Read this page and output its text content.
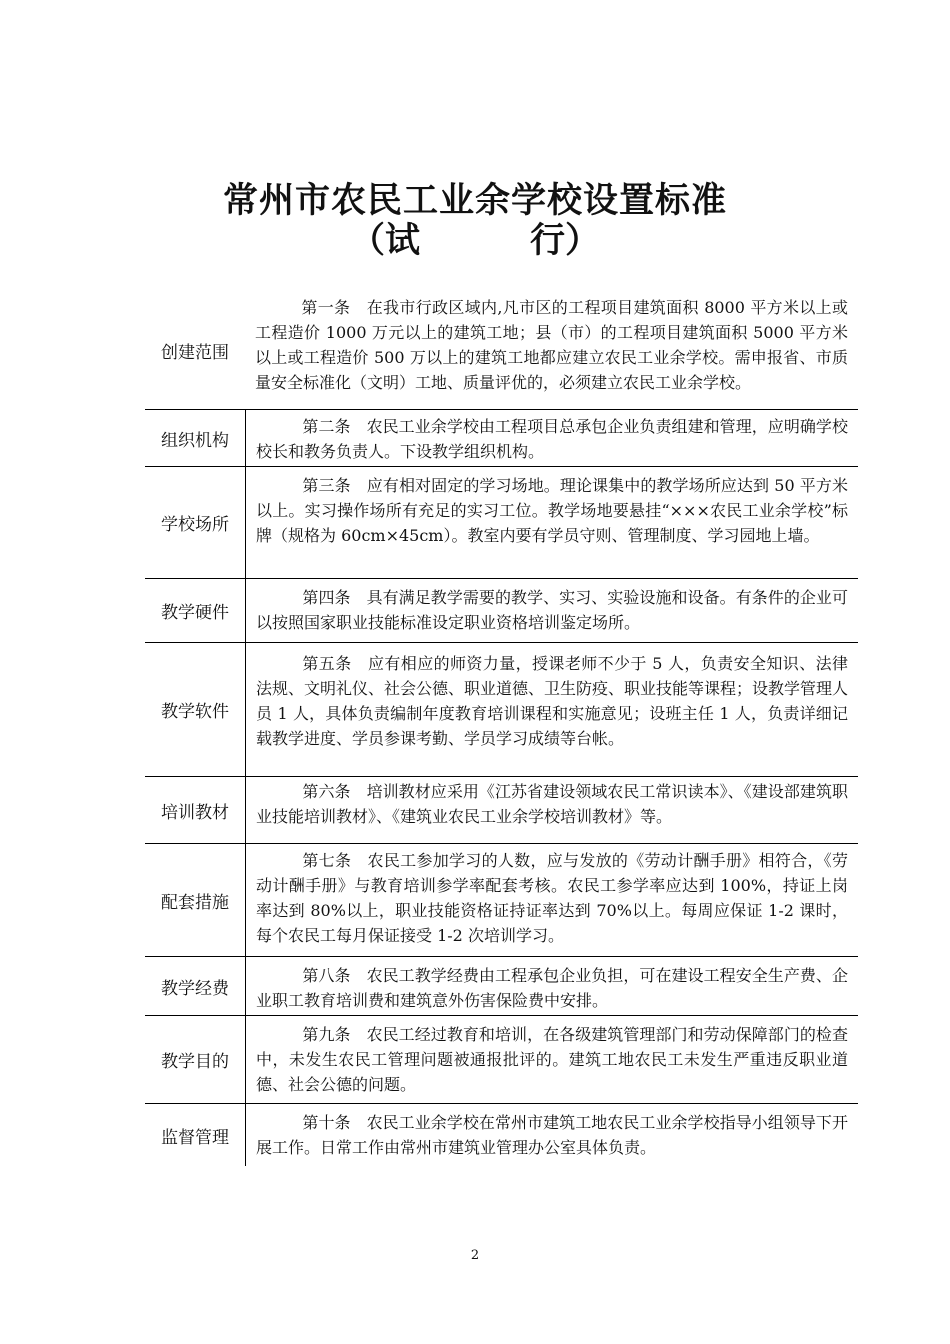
常州市农民工业余学校设置标准
（试	行）
创建范围
第一条　在我市行政区域内,凡市区的工程项目建筑面积 8000 平方米以上或工程造价 1000 万元以上的建筑工地；县（市）的工程项目建筑面积 5000 平方米以上或工程造价 500 万以上的建筑工地都应建立农民工业余学校。需申报省、市质量安全标准化（文明）工地、质量评优的，必须建立农民工业余学校。
组织机构
第二条　农民工业余学校由工程项目总承包企业负责组建和管理，应明确学校校长和教务负责人。下设教学组织机构。
学校场所
第三条　应有相对固定的学习场地。理论课集中的教学场所应达到 50 平方米以上。实习操作场所有充足的实习工位。教学场地要悬挂“×××农民工业余学校”标牌（规格为 60cm×45cm）。教室内要有学员守则、管理制度、学习园地上墙。
教学硬件
第四条　具有满足教学需要的教学、实习、实验设施和设备。有条件的企业可以按照国家职业技能标准设定职业资格培训鉴定场所。
教学软件
第五条　应有相应的师资力量，授课老师不少于 5 人，负责安全知识、法律法规、文明礼仪、社会公德、职业道德、卫生防疫、职业技能等课程；设教学管理人员 1 人，具体负责编制年度教育培训课程和实施意见；设班主任 1 人，负责详细记载教学进度、学员参课考勤、学员学习成绩等台帐。
培训教材
第六条　培训教材应采用《江苏省建设领域农民工常识读本》、《建设部建筑职业技能培训教材》、《建筑业农民工业余学校培训教材》等。
配套措施
第七条　农民工参加学习的人数，应与发放的《劳动计酬手册》相符合，《劳动计酬手册》与教育培训参学率配套考核。农民工参学率应达到 100%，持证上岗率达到 80%以上，职业技能资格证持证率达到 70%以上。每周应保证 1-2 课时，每个农民工每月保证接受 1-2 次培训学习。
教学经费
第八条　农民工教学经费由工程承包企业负担，可在建设工程安全生产费、企业职工教育培训费和建筑意外伤害保险费中安排。
教学目的
第九条　农民工经过教育和培训，在各级建筑管理部门和劳动保障部门的检查中，未发生农民工管理问题被通报批评的。建筑工地农民工未发生严重违反职业道德、社会公德的问题。
监督管理
第十条　农民工业余学校在常州市建筑工地农民工业余学校指导小组领导下开展工作。日常工作由常州市建筑业管理办公室具体负责。
2
